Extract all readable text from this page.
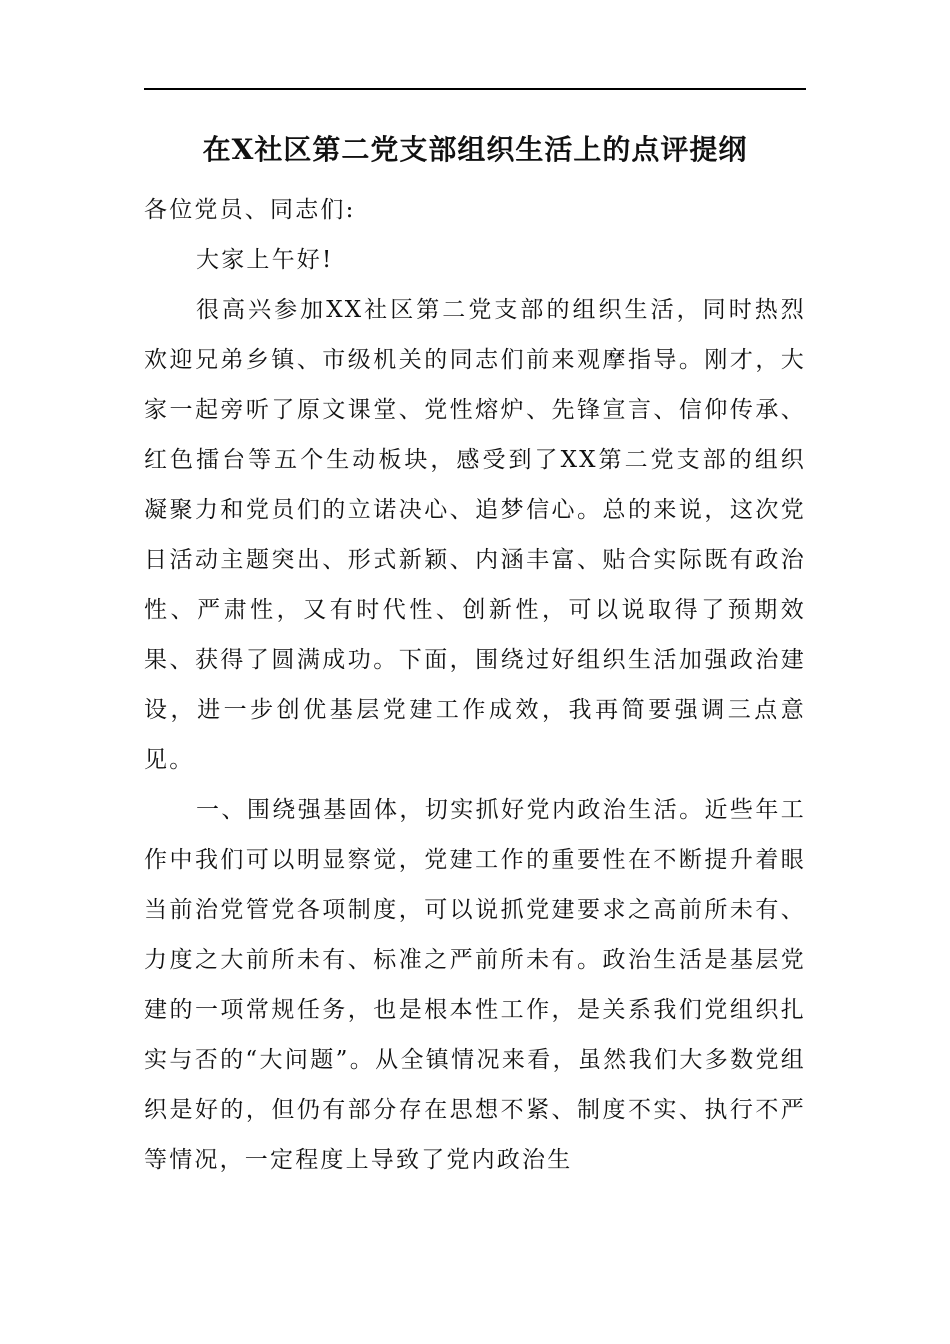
在X社区第二党支部组织生活上的点评提纲

各位党员、同志们:

大家上午好!

很高兴参加XX社区第二党支部的组织生活，同时热烈欢迎兄弟乡镇、市级机关的同志们前来观摩指导。刚才，大家一起旁听了原文课堂、党性熔炉、先锋宣言、信仰传承、红色擂台等五个生动板块，感受到了XX第二党支部的组织凝聚力和党员们的立诺决心、追梦信心。总的来说，这次党日活动主题突出、形式新颖、内涵丰富、贴合实际既有政治性、严肃性，又有时代性、创新性，可以说取得了预期效果、获得了圆满成功。下面，围绕过好组织生活加强政治建设，进一步创优基层党建工作成效，我再简要强调三点意见。

一、围绕强基固体，切实抓好党内政治生活。近些年工作中我们可以明显察觉，党建工作的重要性在不断提升着眼当前治党管党各项制度，可以说抓党建要求之高前所未有、力度之大前所未有、标准之严前所未有。政治生活是基层党建的一项常规任务，也是根本性工作，是关系我们党组织扎实与否的“大问题”。从全镇情况来看，虽然我们大多数党组织是好的，但仍有部分存在思想不紧、制度不实、执行不严等情况，一定程度上导致了党内政治生
